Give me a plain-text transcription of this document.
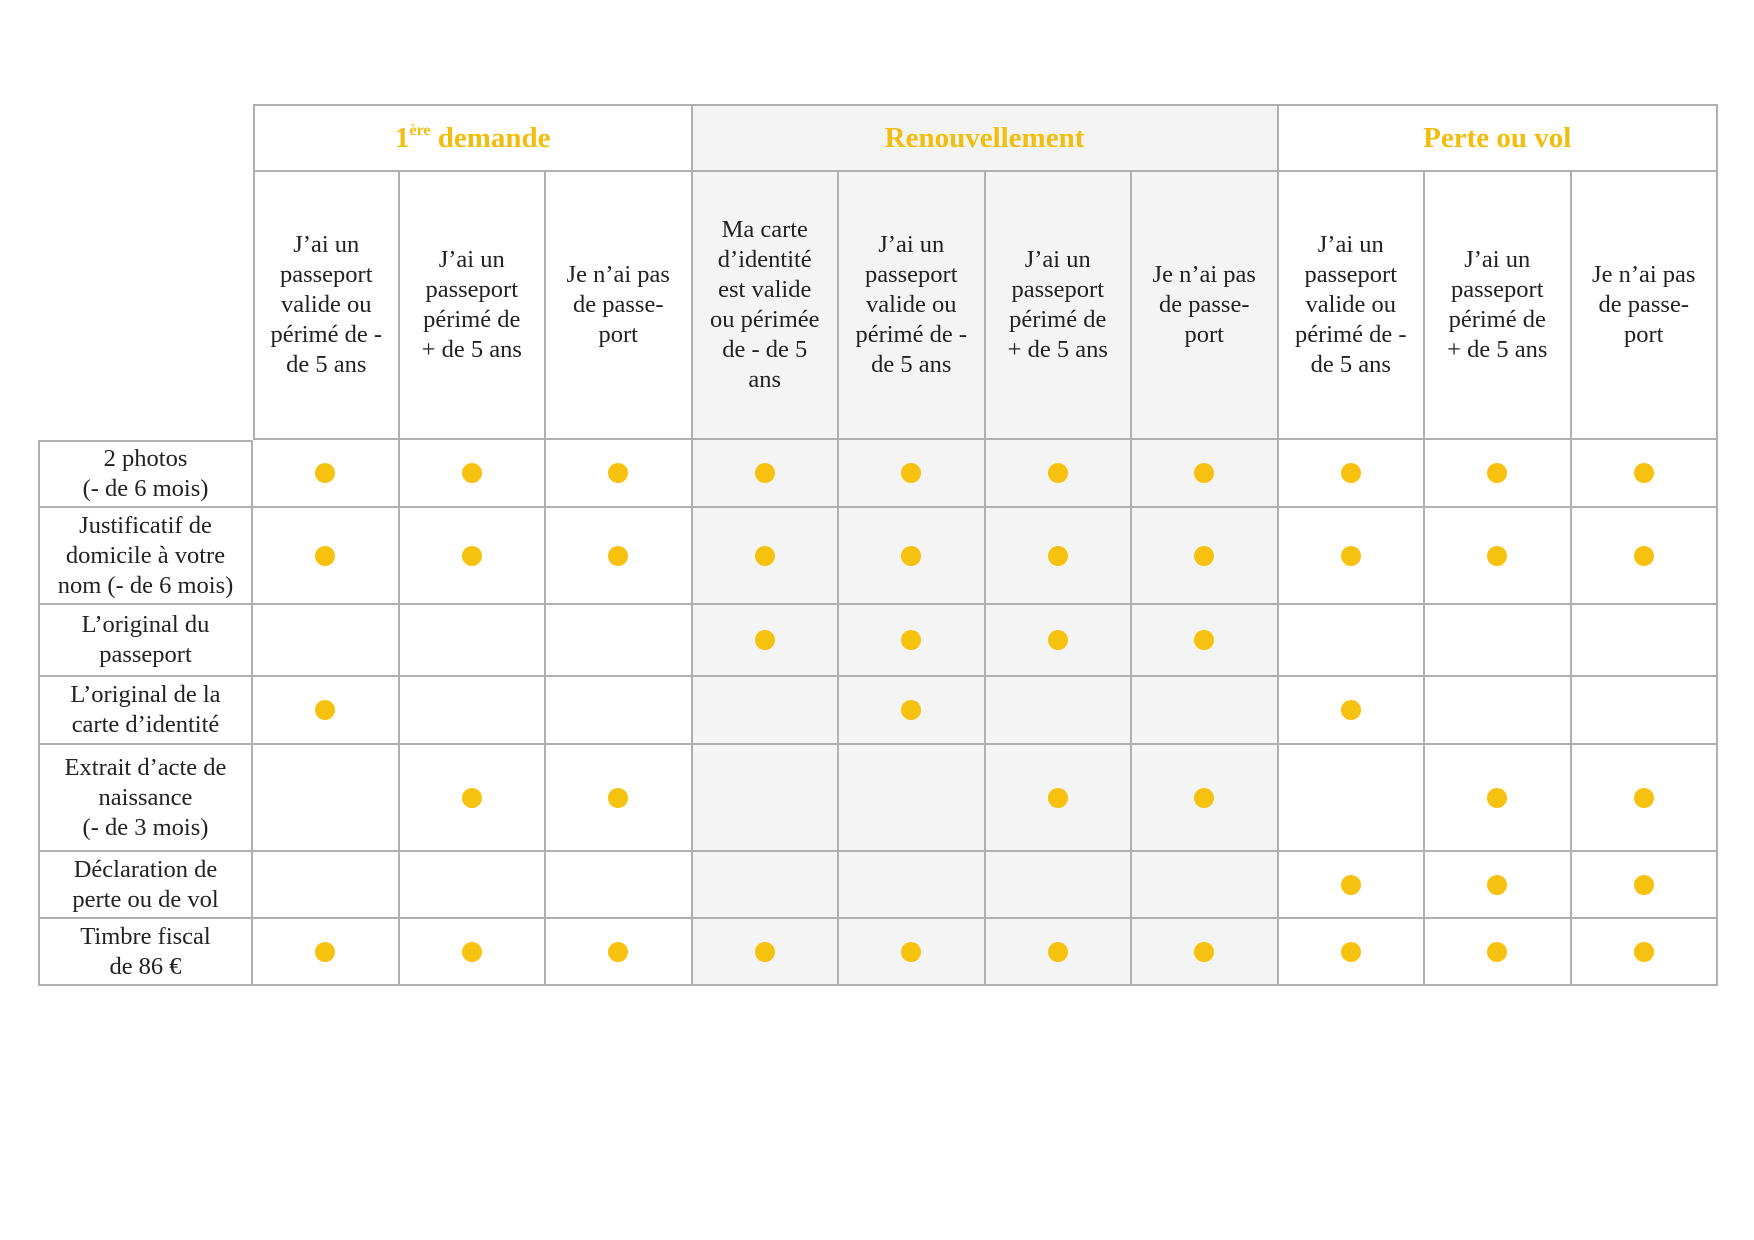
1ère demande	Renouvellement	Perte ou vol
J’ai un
passeport
valide ou
périmé de -
de 5 ans
J’ai un
passeport
périmé de
+ de 5 ans
Je n’ai pas
de passe-
port
Ma carte
d’identité
est valide
ou périmée
de - de 5
ans
J’ai un
passeport
valide ou
périmé de -
de 5 ans
J’ai un
passeport
périmé de
+ de 5 ans
Je n’ai pas
de passe-
port
J’ai un
passeport
valide ou
périmé de -
de 5 ans
J’ai un
passeport
périmé de
+ de 5 ans
Je n’ai pas
de passe-
port
2 photos
(- de 6 mois)
Justificatif de
domicile à votre
nom (- de 6 mois)
L’original du
passeport
L’original de la
carte d’identité
Extrait d’acte de
naissance
(- de 3 mois)
Déclaration de
perte ou de vol
Timbre fiscal
de 86 €
